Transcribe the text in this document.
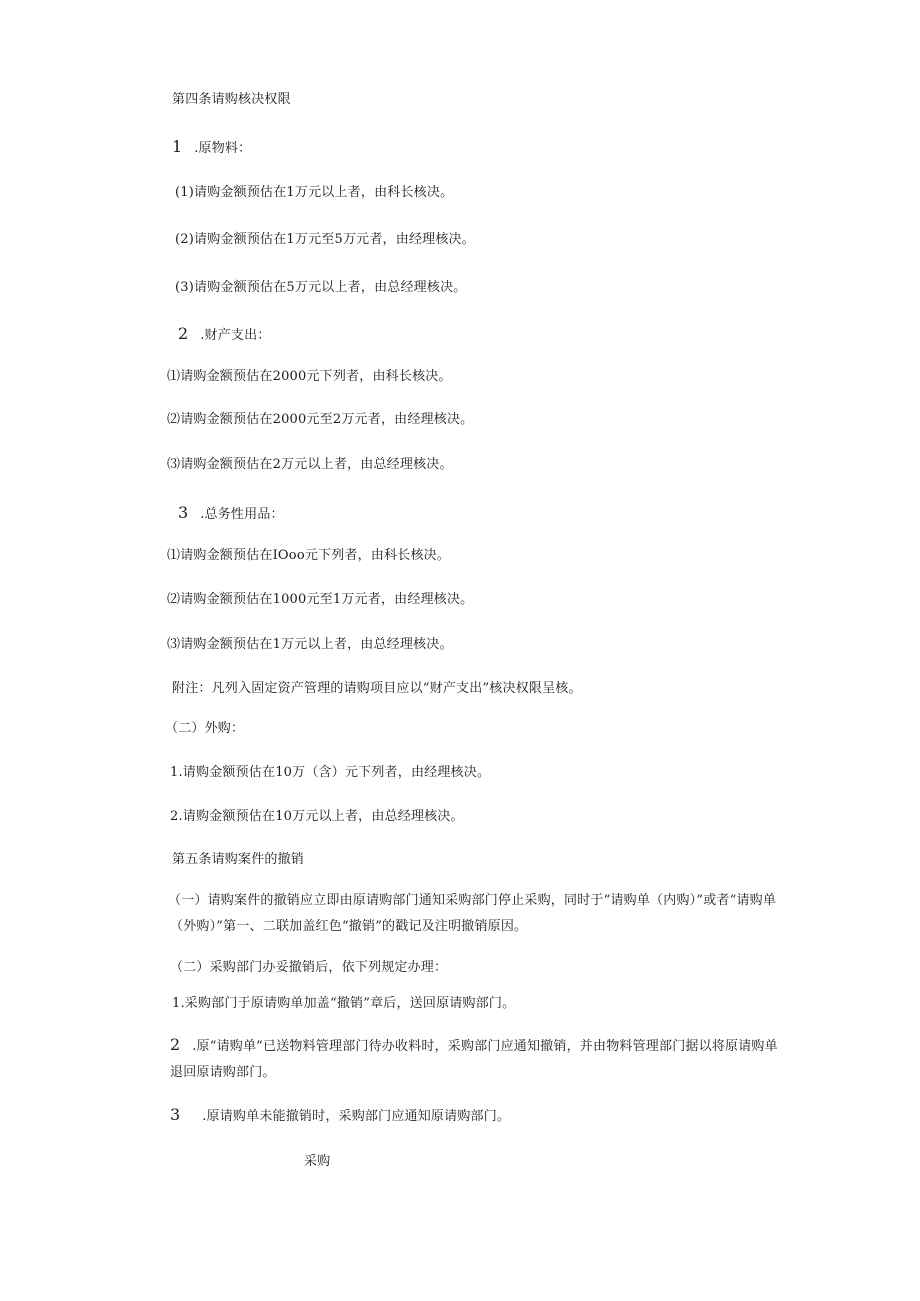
第四条请购核决权限
1 .原物料：
(1)请购金额预估在1万元以上者，由科长核决。
(2)请购金额预估在1万元至5万元者，由经理核决。
(3)请购金额预估在5万元以上者，由总经理核决。
2 .财产支出：
⑴请购金额预估在2000元下列者，由科长核决。
⑵请购金额预估在2000元至2万元者，由经理核决。
⑶请购金额预估在2万元以上者，由总经理核决。
3 .总务性用品：
⑴请购金额预估在IOoo元下列者，由科长核决。
⑵请购金额预估在1000元至1万元者，由经理核决。
⑶请购金额预估在1万元以上者，由总经理核决。
附注：凡列入固定资产管理的请购项目应以“财产支出”核决权限呈核。
（二）外购：
1.请购金额预估在10万（含）元下列者，由经理核决。
2.请购金额预估在10万元以上者，由总经理核决。
第五条请购案件的撤销
（一）请购案件的撤销应立即由原请购部门通知采购部门停止采购，同时于“请购单（内购）”或者“请购单（外购）”第一、二联加盖红色“撤销”的戳记及注明撤销原因。
（二）采购部门办妥撤销后，依下列规定办理：
1.采购部门于原请购单加盖“撤销”章后，送回原请购部门。
2 .原“请购单”已送物料管理部门待办收料时，采购部门应通知撤销，并由物料管理部门据以将原请购单退回原请购部门。
3 .原请购单未能撤销时，采购部门应通知原请购部门。
采购
